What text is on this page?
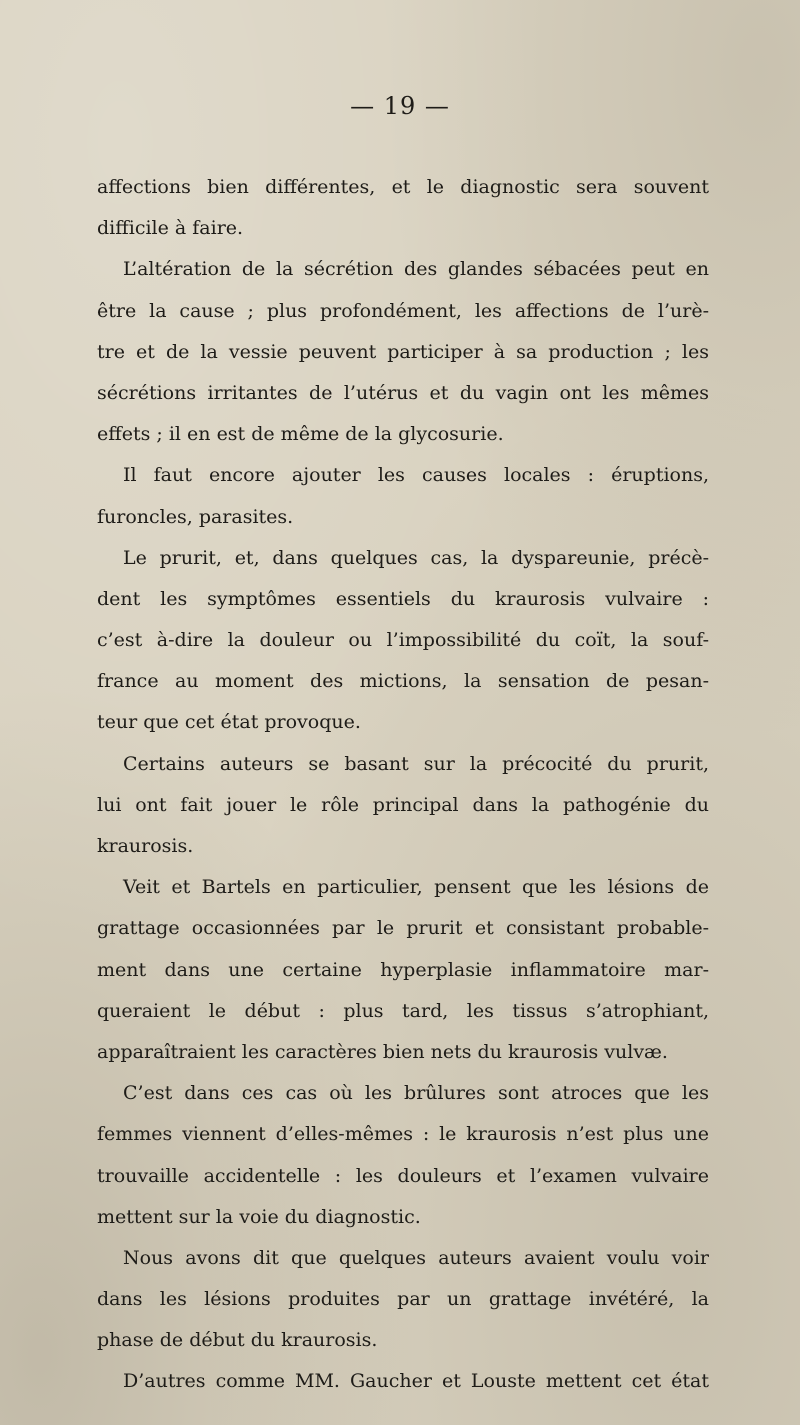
— 19 —
affections bien différentes, et le diagnostic sera souvent
difficile à faire.
L’altération de la sécrétion des glandes sébacées peut en
être la cause ; plus profondément, les affections de l’urè-
tre et de la vessie peuvent participer à sa production ; les
sécrétions irritantes de l’utérus et du vagin ont les mêmes
effets ; il en est de même de la glycosurie.
Il faut encore ajouter les causes locales : éruptions,
furoncles, parasites.
Le prurit, et, dans quelques cas, la dyspareunie, précè-
dent les symptômes essentiels du kraurosis vulvaire :
c’est à-dire la douleur ou l’impossibilité du coït, la souf-
france au moment des mictions, la sensation de pesan-
teur que cet état provoque.
Certains auteurs se basant sur la précocité du prurit,
lui ont fait jouer le rôle principal dans la pathogénie du
kraurosis.
Veit et Bartels en particulier, pensent que les lésions de
grattage occasionnées par le prurit et consistant probable-
ment dans une certaine hyperplasie inflammatoire mar-
queraient le début : plus tard, les tissus s’atrophiant,
apparaîtraient les caractères bien nets du kraurosis vulvæ.
C’est dans ces cas où les brûlures sont atroces que les
femmes viennent d’elles-mêmes : le kraurosis n’est plus une
trouvaille accidentelle : les douleurs et l’examen vulvaire
mettent sur la voie du diagnostic.
Nous avons dit que quelques auteurs avaient voulu voir
dans les lésions produites par un grattage invétéré, la
phase de début du kraurosis.
D’autres comme MM. Gaucher et Louste mettent cet état
